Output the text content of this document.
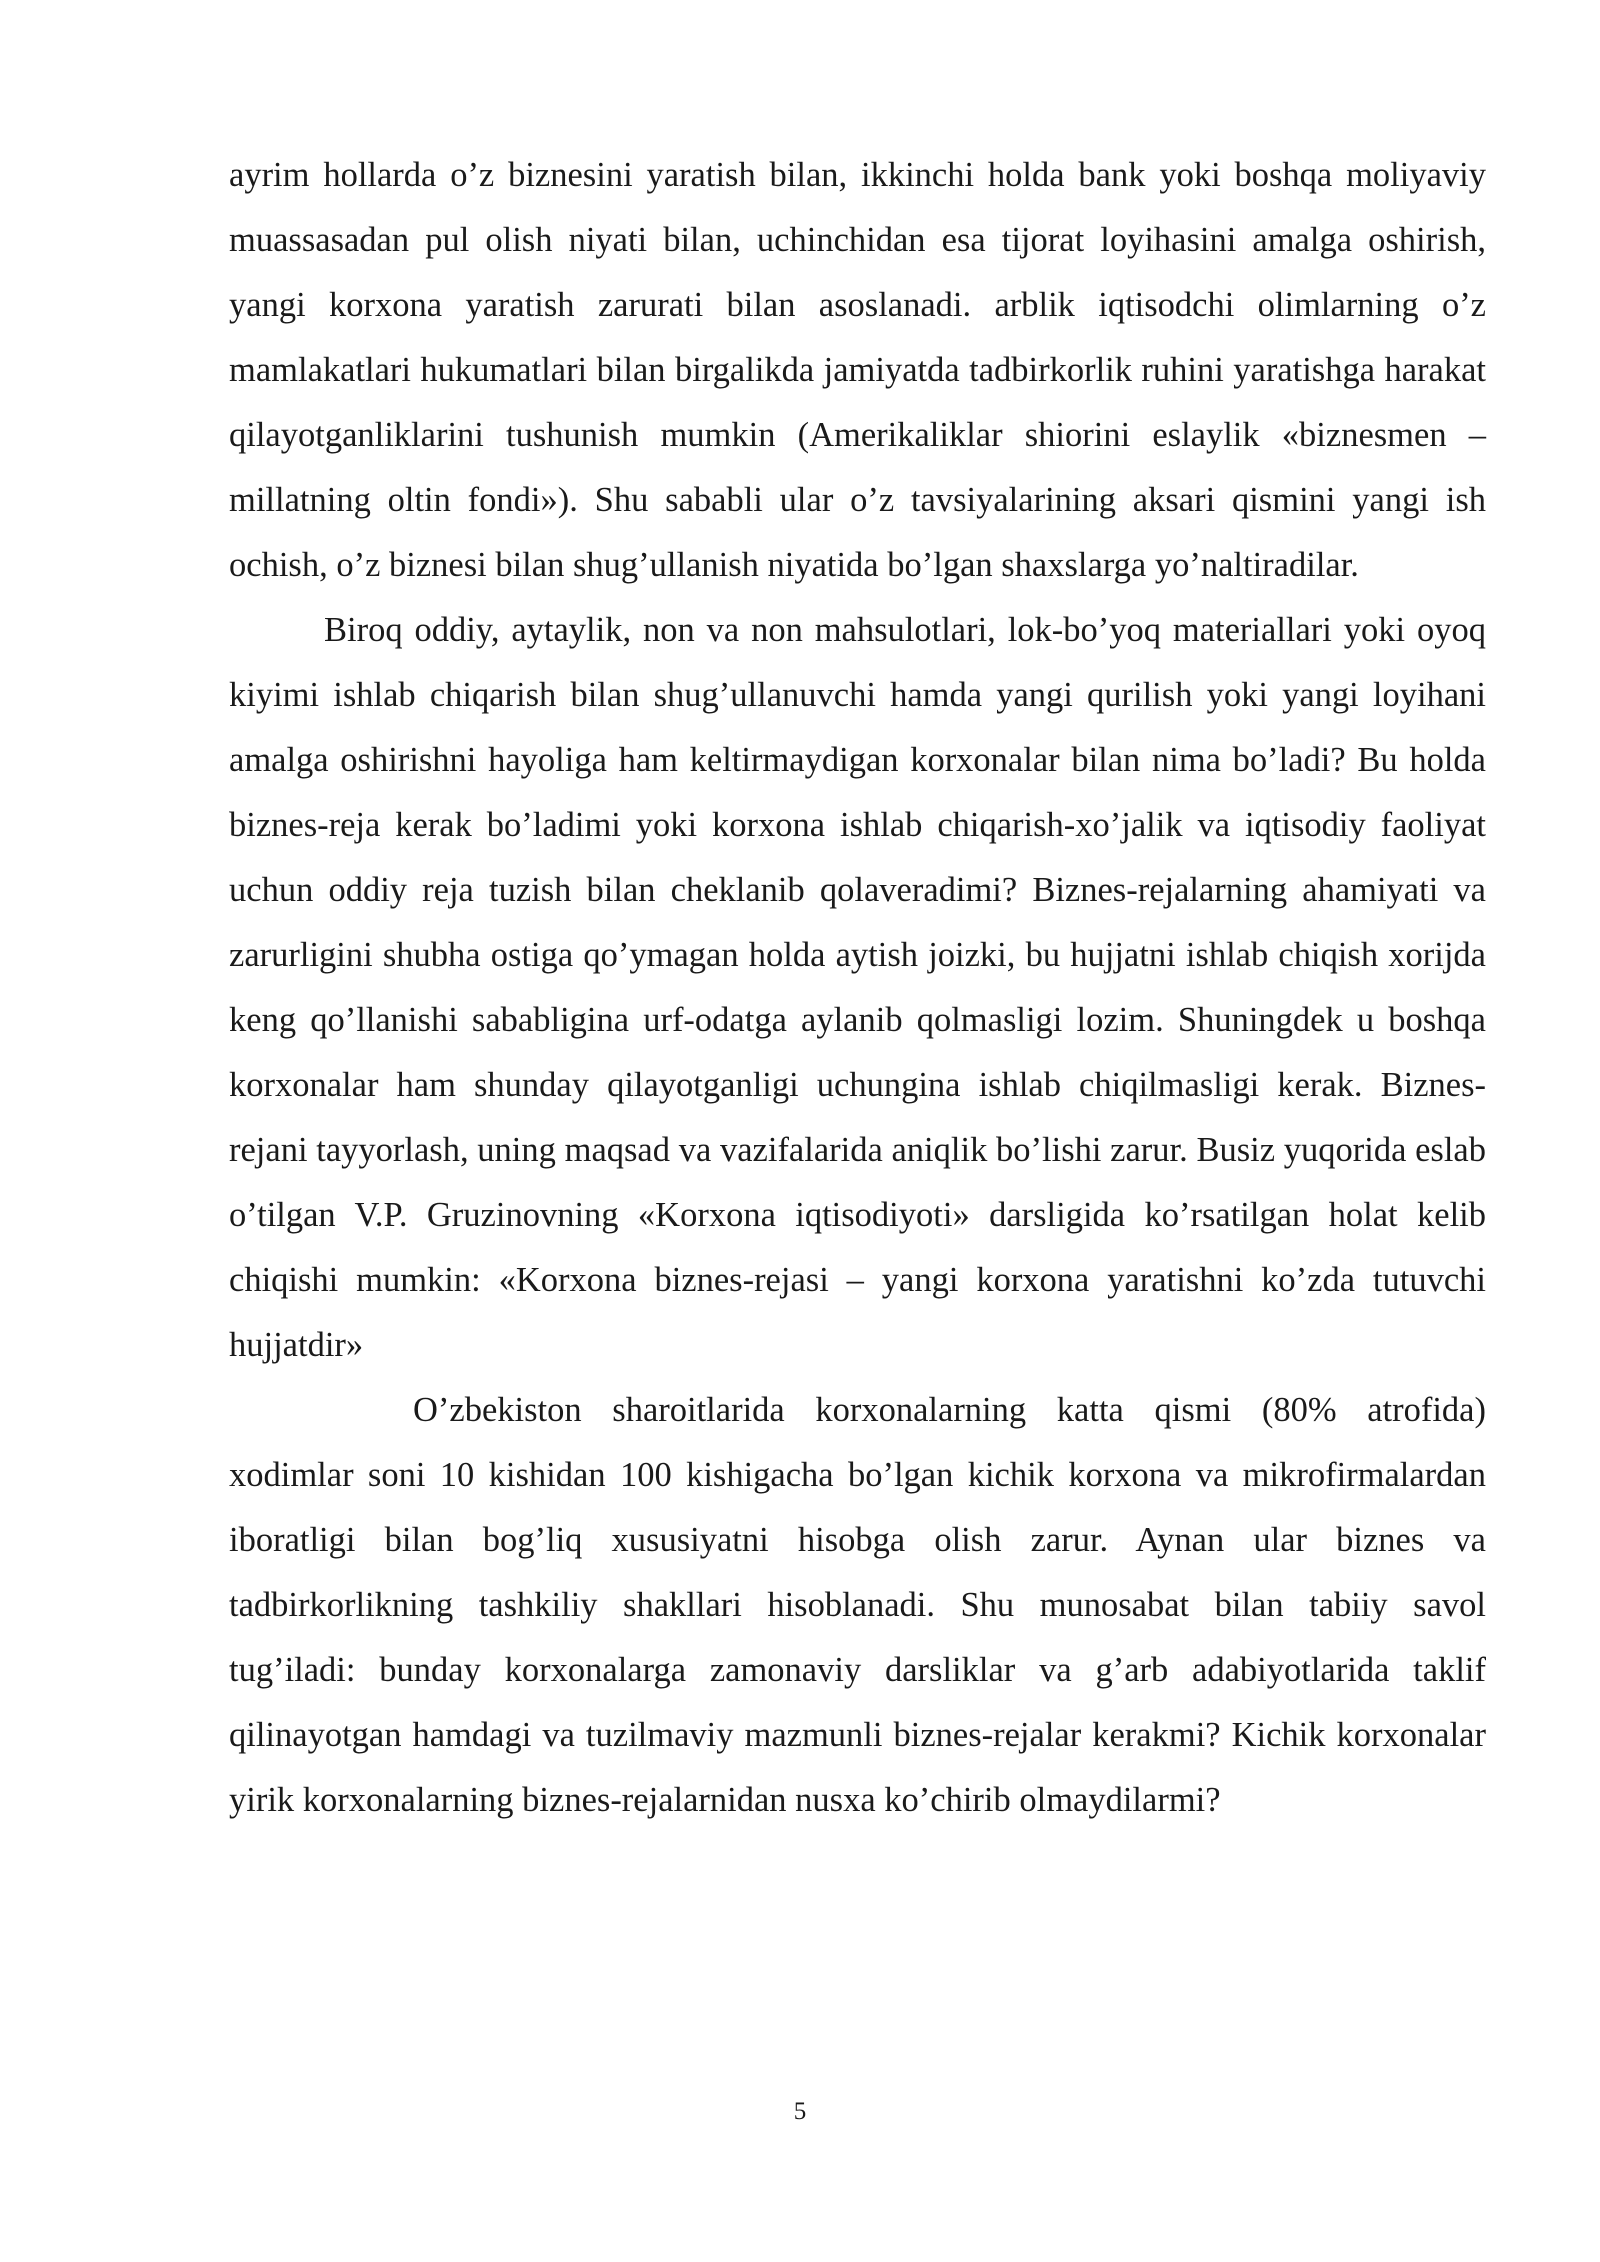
ayrim hollarda o’z biznesini yaratish bilan, ikkinchi holda bank yoki boshqa moliyaviy muassasadan pul olish niyati bilan, uchinchidan esa tijorat loyihasini amalga oshirish, yangi korxona yaratish zarurati bilan asoslanadi. arblik iqtisodchi olimlarning o’z mamlakatlari hukumatlari bilan birgalikda jamiyatda tadbirkorlik ruhini yaratishga harakat qilayotganliklarini tushunish mumkin (Amerikaliklar shiorini eslaylik «biznesmen – millatning oltin fondi»). Shu sababli ular o’z tavsiyalarining aksari qismini yangi ish ochish, o’z biznesi bilan shug’ullanish niyatida bo’lgan shaxslarga yo’naltiradilar.

Biroq oddiy, aytaylik, non va non mahsulotlari, lok-bo’yoq materiallari yoki oyoq kiyimi ishlab chiqarish bilan shug’ullanuvchi hamda yangi qurilish yoki yangi loyihani amalga oshirishni hayoliga ham keltirmaydigan korxonalar bilan nima bo’ladi? Bu holda biznes-reja kerak bo’ladimi yoki korxona ishlab chiqarish-xo’jalik va iqtisodiy faoliyat uchun oddiy reja tuzish bilan cheklanib qolaveradimi? Biznes-rejalarning ahamiyati va zarurligini shubha ostiga qo’ymagan holda aytish joizki, bu hujjatni ishlab chiqish xorijda keng qo’llanishi sababligina urf-odatga aylanib qolmasligi lozim. Shuningdek u boshqa korxonalar ham shunday qilayotganligi uchungina ishlab chiqilmasligi kerak. Biznes-rejani tayyorlash, uning maqsad va vazifalarida aniqlik bo’lishi zarur. Busiz yuqorida eslab o’tilgan V.P. Gruzinovning «Korxona iqtisodiyoti» darsligida ko’rsatilgan holat kelib chiqishi mumkin: «Korxona biznes-rejasi – yangi korxona yaratishni ko’zda tutuvchi hujjatdir»

O’zbekiston sharoitlarida korxonalarning katta qismi (80% atrofida) xodimlar soni 10 kishidan 100 kishigacha bo’lgan kichik korxona va mikrofirmalardan iboratligi bilan bog’liq xususiyatni hisobga olish zarur. Aynan ular biznes va tadbirkorlikning tashkiliy shakllari hisoblanadi. Shu munosabat bilan tabiiy savol tug’iladi: bunday korxonalarga zamonaviy darsliklar va g’arb adabiyotlarida taklif qilinayotgan hamdagi va tuzilmaviy mazmunli biznes-rejalar kerakmi? Kichik korxonalar yirik korxonalarning biznes-rejalarnidan nusxa ko’chirib olmaydilarmi?

5
